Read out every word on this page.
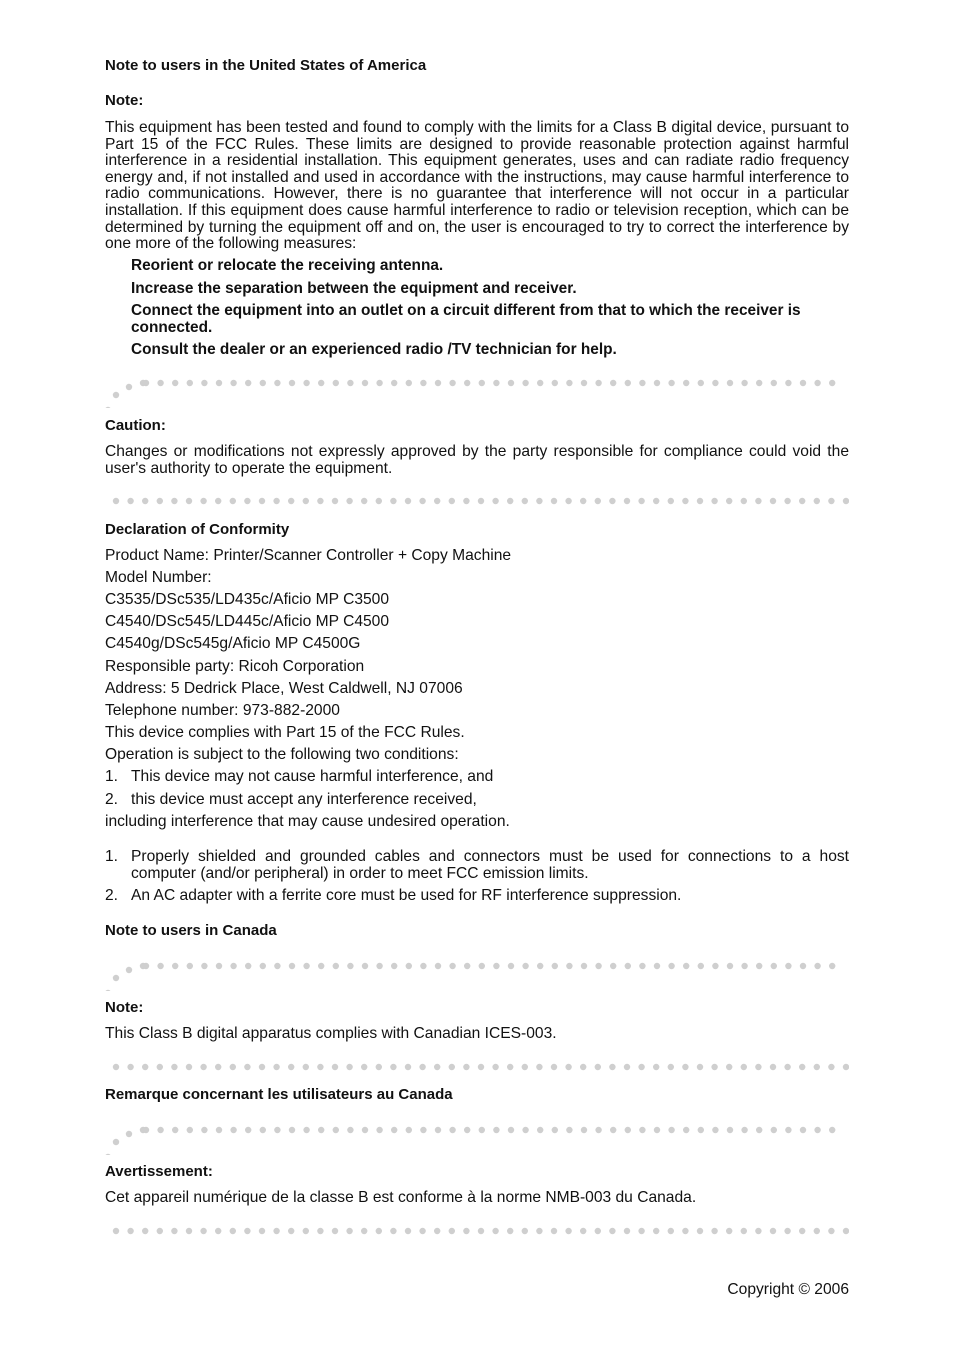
Note to users in the United States of America
Note:

This equipment has been tested and found to comply with the limits for a Class B digital device, pursuant to Part 15 of the FCC Rules. These limits are designed to provide reasonable protection against harmful interference in a residential installation. This equipment generates, uses and can radiate radio frequency energy and, if not installed and used in accordance with the instructions, may cause harmful interference to radio communications. However, there is no guarantee that interference will not occur in a particular installation. If this equipment does cause harmful interference to radio or television reception, which can be determined by turning the equipment off and on, the user is encouraged to try to correct the interference by one more of the following measures:

Reorient or relocate the receiving antenna.
Increase the separation between the equipment and receiver.
Connect the equipment into an outlet on a circuit different from that to which the receiver is connected.
Consult the dealer or an experienced radio /TV technician for help.
Caution:

Changes or modifications not expressly approved by the party responsible for compliance could void the user's authority to operate the equipment.

Declaration of Conformity
Product Name: Printer/Scanner Controller + Copy Machine
Model Number:
C3535/DSc535/LD435c/Aficio MP C3500
C4540/DSc545/LD445c/Aficio MP C4500
C4540g/DSc545g/Aficio MP C4500G
Responsible party: Ricoh Corporation
Address: 5 Dedrick Place, West Caldwell, NJ 07006
Telephone number: 973-882-2000
This device complies with Part 15 of the FCC Rules.
Operation is subject to the following two conditions:
1. This device may not cause harmful interference, and
2. this device must accept any interference received,
including interference that may cause undesired operation.
1. Properly shielded and grounded cables and connectors must be used for connections to a host computer (and/or peripheral) in order to meet FCC emission limits.
2. An AC adapter with a ferrite core must be used for RF interference suppression.
Note to users in Canada
Note:
This Class B digital apparatus complies with Canadian ICES-003.
Remarque concernant les utilisateurs au Canada
Avertissement:
Cet appareil numérique de la classe B est conforme à la norme NMB-003 du Canada.
Copyright © 2006
